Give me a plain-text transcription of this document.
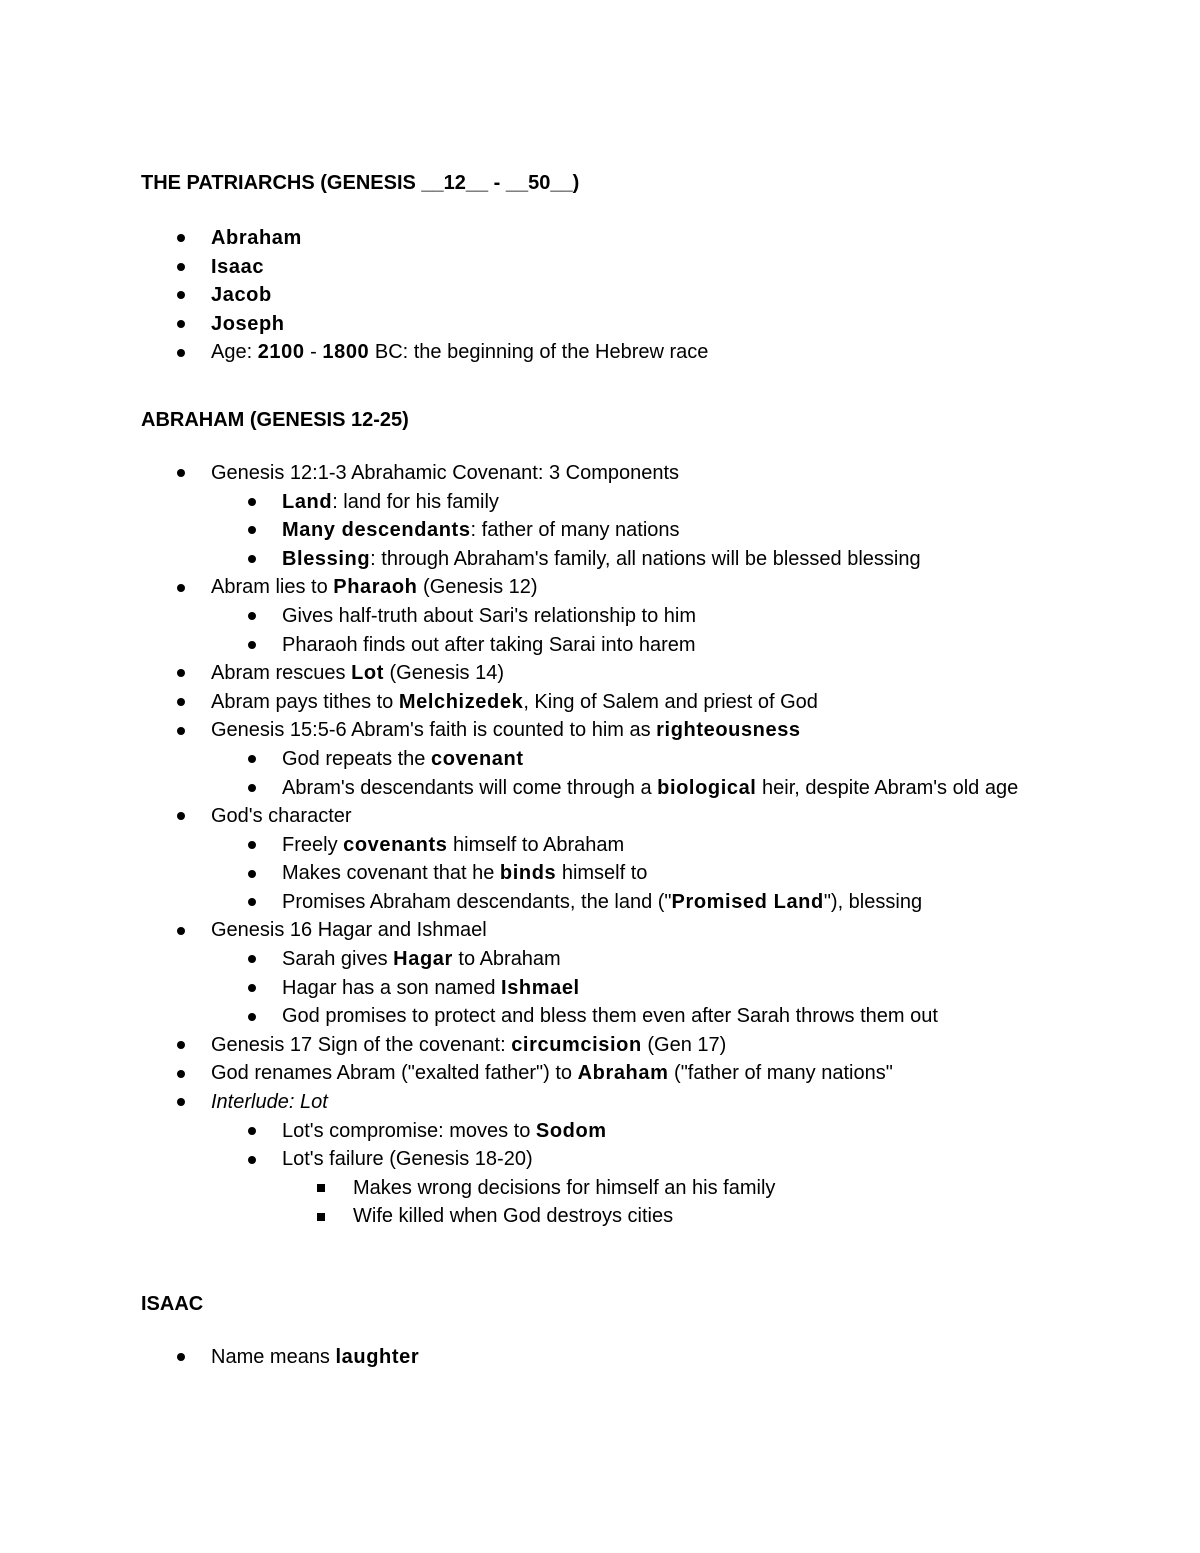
THE PATRIARCHS (GENESIS __12__ - __50__)
Abraham
Isaac
Jacob
Joseph
Age: 2100 - 1800 BC: the beginning of the Hebrew race
ABRAHAM (GENESIS 12-25)
Genesis 12:1-3 Abrahamic Covenant: 3 Components
Land: land for his family
Many descendants: father of many nations
Blessing: through Abraham's family, all nations will be blessed blessing
Abram lies to Pharaoh (Genesis 12)
Gives half-truth about Sari's relationship to him
Pharaoh finds out after taking Sarai into harem
Abram rescues Lot (Genesis 14)
Abram pays tithes to Melchizedek, King of Salem and priest of God
Genesis 15:5-6 Abram's faith is counted to him as righteousness
God repeats the covenant
Abram's descendants will come through a biological heir, despite Abram's old age
God's character
Freely covenants himself to Abraham
Makes covenant that he binds himself to
Promises Abraham descendants, the land ("Promised Land"), blessing
Genesis 16 Hagar and Ishmael
Sarah gives Hagar to Abraham
Hagar has a son named Ishmael
God promises to protect and bless them even after Sarah throws them out
Genesis 17 Sign of the covenant: circumcision (Gen 17)
God renames Abram ("exalted father") to Abraham ("father of many nations"
Interlude: Lot
Lot's compromise: moves to Sodom
Lot's failure (Genesis 18-20)
Makes wrong decisions for himself an his family
Wife killed when God destroys cities
ISAAC
Name means laughter
